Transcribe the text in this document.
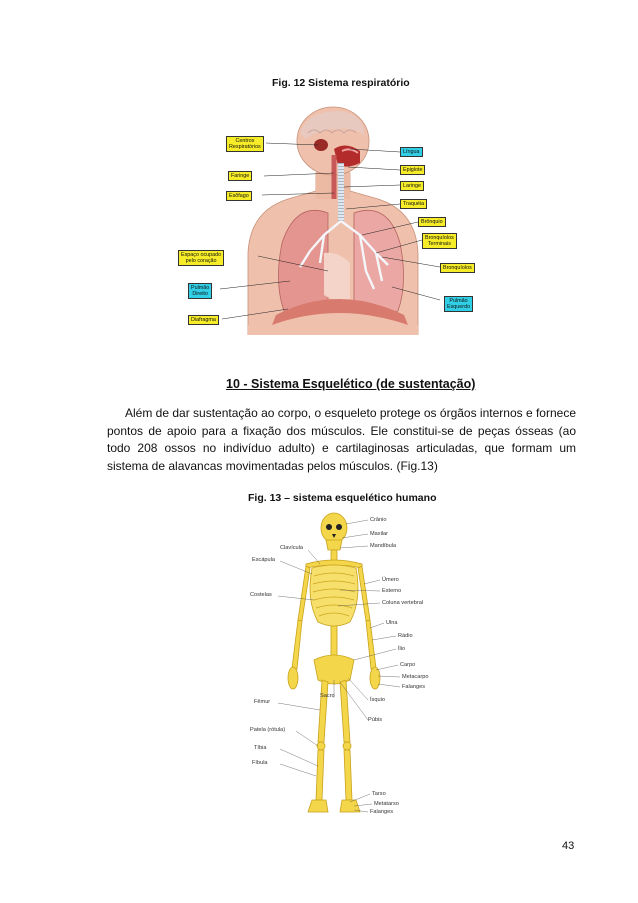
Fig. 12 Sistema respiratório
Centros
Respiratórios
Faringe
Esôfago
Espaço ocupado
pelo coração
Pulmão
Direito
Diafragma
Língua
Epiglote
Laringe
Traquéia
Brônquio
Bronquíolos
Terminais
Bronquíolos
Pulmão
Esquerdo
10 - Sistema Esquelético (de sustentação)
Além de dar sustentação ao corpo, o esqueleto protege os órgãos internos e fornece pontos de apoio para a fixação dos músculos. Ele constitui-se de peças ósseas (ao todo 208 ossos no indivíduo adulto) e cartilaginosas articuladas, que formam um sistema de alavancas movimentadas pelos músculos. (Fig.13)
Fig. 13 – sistema esquelético humano
Crânio
Maxilar
Mandíbula
Úmero
Esterno
Coluna vertebral
Ulna
Rádio
Ílio
Carpo
Metacarpo
Falanges
Sacro
Ísquio
Púbis
Tarso
Metatarso
Falanges
Clavícula
Escápula
Costelas
Fêmur
Patela (rótula)
Tíbia
Fíbula
43
